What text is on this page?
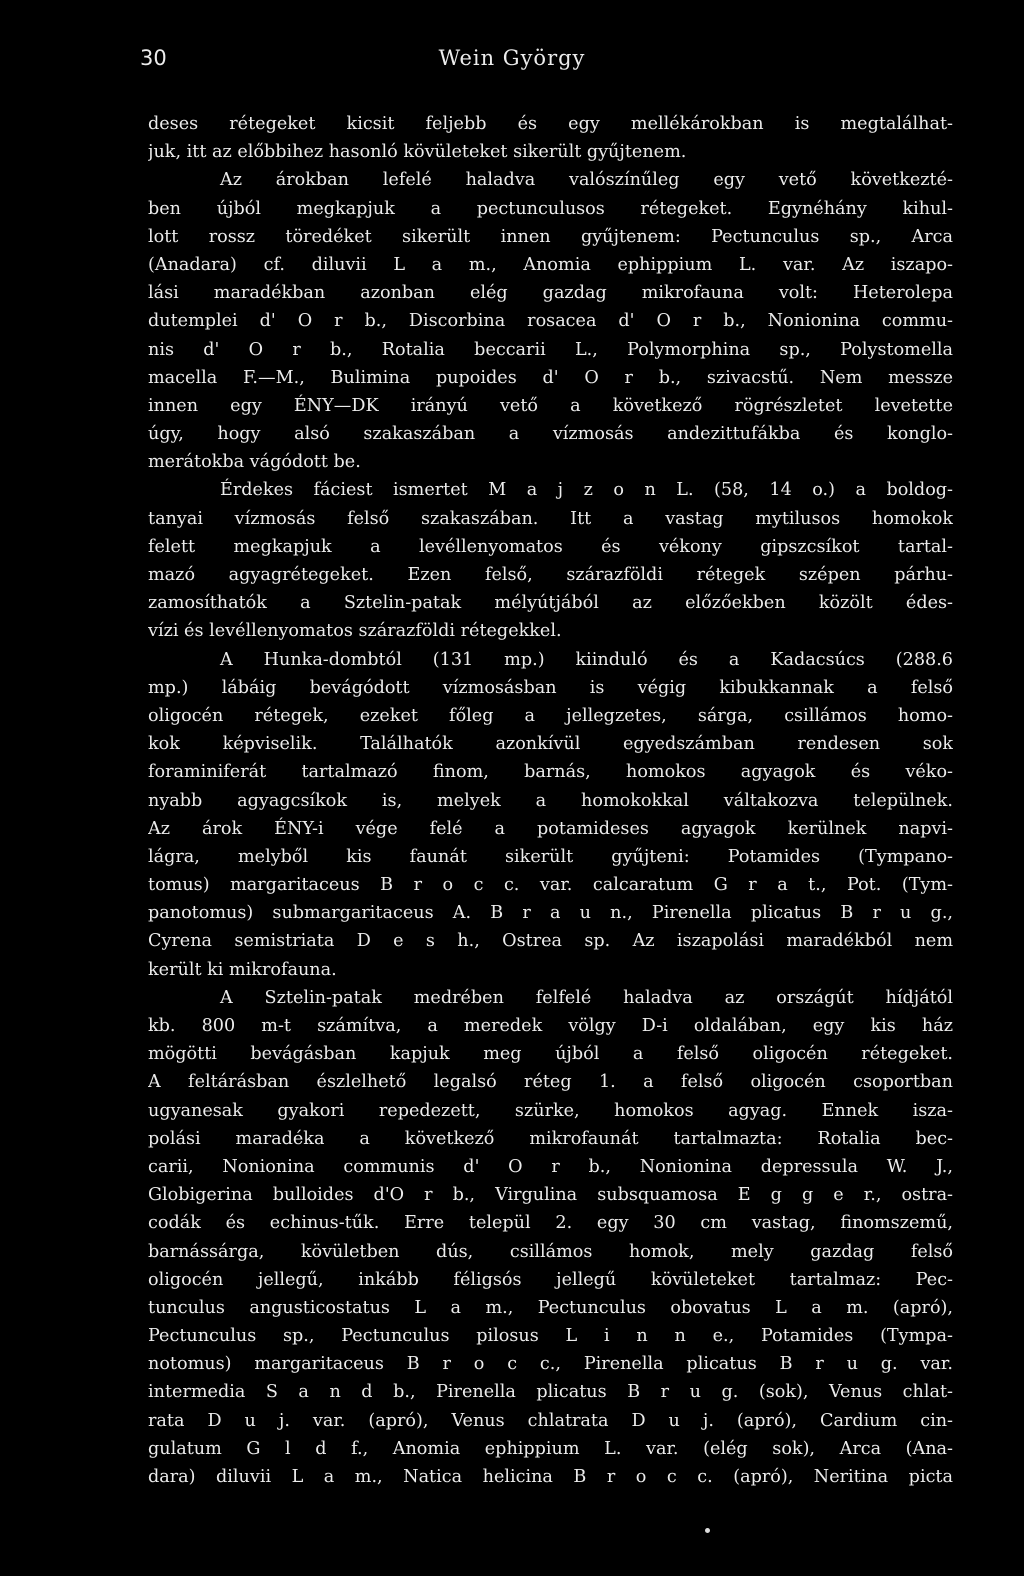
30	Wein György
deses rétegeket kicsit feljebb és egy mellékárokban is megtalálhat-
juk, itt az előbbihez hasonló kövületeket sikerült gyűjtenem.
Az árokban lefelé haladva valószínűleg egy vető következté-
ben újból megkapjuk a pectunculusos rétegeket. Egynéhány kihul-
lott rossz töredéket sikerült innen gyűjtenem: Pectunculus sp., Arca
(Anadara) cf. diluvii L a m., Anomia ephippium L. var. Az iszapo-
lási maradékban azonban elég gazdag mikrofauna volt: Heterolepa
dutemplei d' O r b., Discorbina rosacea d' O r b., Nonionina commu-
nis d' O r b., Rotalia beccarii L., Polymorphina sp., Polystomella
macella F.—M., Bulimina pupoides d' O r b., szivacstű. Nem messze
innen egy ÉNY—DK irányú vető a következő rögrészletet levetette
úgy, hogy alsó szakaszában a vízmosás andezittufákba és konglo-
merátokba vágódott be.
Érdekes fáciest ismertet M a j z o n L. (58, 14 o.) a boldog-
tanyai vízmosás felső szakaszában. Itt a vastag mytilusos homokok
felett megkapjuk a levéllenyomatos és vékony gipszcsíkot tartal-
mazó agyagrétegeket. Ezen felső, szárazföldi rétegek szépen párhu-
zamosíthatók a Sztelin-patak mélyútjából az előzőekben közölt édes-
vízi és levéllenyomatos szárazföldi rétegekkel.
A Hunka-dombtól (131 mp.) kiinduló és a Kadacsúcs (288.6
mp.) lábáig bevágódott vízmosásban is végig kibukkannak a felső
oligocén rétegek, ezeket főleg a jellegzetes, sárga, csillámos homo-
kok képviselik. Találhatók azonkívül egyedszámban rendesen sok
foraminiferát tartalmazó finom, barnás, homokos agyagok és véko-
nyabb agyagcsíkok is, melyek a homokokkal váltakozva települnek.
Az árok ÉNY-i vége felé a potamideses agyagok kerülnek napvi-
lágra, melyből kis faunát sikerült gyűjteni: Potamides (Tympano-
tomus) margaritaceus B r o c c. var. calcaratum G r a t., Pot. (Tym-
panotomus) submargaritaceus A. B r a u n., Pirenella plicatus B r u g.,
Cyrena semistriata D e s h., Ostrea sp. Az iszapolási maradékból nem
került ki mikrofauna.
A Sztelin-patak medrében felfelé haladva az országút hídjától
kb. 800 m-t számítva, a meredek völgy D-i oldalában, egy kis ház
mögötti bevágásban kapjuk meg újból a felső oligocén rétegeket.
A feltárásban észlelhető legalsó réteg 1. a felső oligocén csoportban
ugyanesak gyakori repedezett, szürke, homokos agyag. Ennek isza-
polási maradéka a következő mikrofaunát tartalmazta: Rotalia bec-
carii, Nonionina communis d' O r b., Nonionina depressula W. J.,
Globigerina bulloides d'O r b., Virgulina subsquamosa E g g e r., ostra-
codák és echinus-tűk. Erre települ 2. egy 30 cm vastag, finomszemű,
barnássárga, kövületben dús, csillámos homok, mely gazdag felső
oligocén jellegű, inkább féligsós jellegű kövületeket tartalmaz: Pec-
tunculus angusticostatus L a m., Pectunculus obovatus L a m. (apró),
Pectunculus sp., Pectunculus pilosus L i n n e., Potamides (Tympa-
notomus) margaritaceus B r o c c., Pirenella plicatus B r u g. var.
intermedia S a n d b., Pirenella plicatus B r u g. (sok), Venus chlat-
rata D u j. var. (apró), Venus chlatrata D u j. (apró), Cardium cin-
gulatum G l d f., Anomia ephippium L. var. (elég sok), Arca (Ana-
dara) diluvii L a m., Natica helicina B r o c c. (apró), Neritina picta
